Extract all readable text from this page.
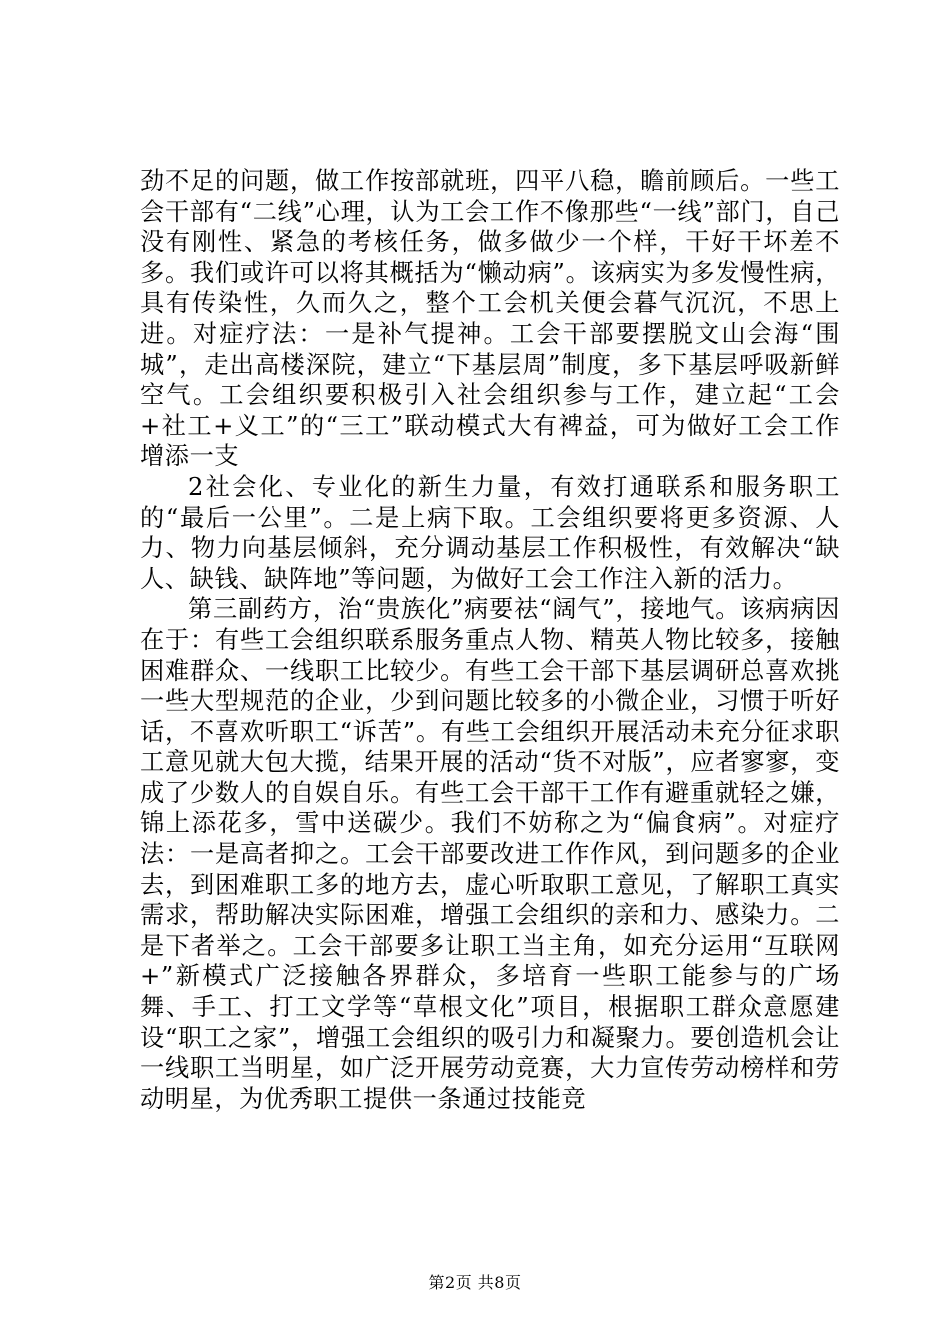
劲不足的问题，做工作按部就班，四平八稳，瞻前顾后。一些工会干部有“二线”心理，认为工会工作不像那些“一线”部门，自己没有刚性、紧急的考核任务，做多做少一个样，干好干坏差不多。我们或许可以将其概括为“懒动病”。该病实为多发慢性病，具有传染性，久而久之，整个工会机关便会暮气沉沉，不思上进。对症疗法：一是补气提神。工会干部要摆脱文山会海“围城”，走出高楼深院，建立“下基层周”制度，多下基层呼吸新鲜空气。工会组织要积极引入社会组织参与工作，建立起“工会+社工+义工”的“三工”联动模式大有裨益，可为做好工会工作增添一支

2社会化、专业化的新生力量，有效打通联系和服务职工的“最后一公里”。二是上病下取。工会组织要将更多资源、人力、物力向基层倾斜，充分调动基层工作积极性，有效解决“缺人、缺钱、缺阵地”等问题，为做好工会工作注入新的活力。

第三副药方，治“贵族化”病要祛“阔气”，接地气。该病病因在于：有些工会组织联系服务重点人物、精英人物比较多，接触困难群众、一线职工比较少。有些工会干部下基层调研总喜欢挑一些大型规范的企业，少到问题比较多的小微企业，习惯于听好话，不喜欢听职工“诉苦”。有些工会组织开展活动未充分征求职工意见就大包大揽，结果开展的活动“货不对版”，应者寥寥，变成了少数人的自娱自乐。有些工会干部干工作有避重就轻之嫌，锦上添花多，雪中送碳少。我们不妨称之为“偏食病”。对症疗法：一是高者抑之。工会干部要改进工作作风，到问题多的企业去，到困难职工多的地方去，虚心听取职工意见，了解职工真实需求，帮助解决实际困难，增强工会组织的亲和力、感染力。二是下者举之。工会干部要多让职工当主角，如充分运用“互联网+”新模式广泛接触各界群众，多培育一些职工能参与的广场舞、手工、打工文学等“草根文化”项目，根据职工群众意愿建设“职工之家”，增强工会组织的吸引力和凝聚力。要创造机会让一线职工当明星，如广泛开展劳动竞赛，大力宣传劳动榜样和劳动明星，为优秀职工提供一条通过技能竞

第2页 共8页
